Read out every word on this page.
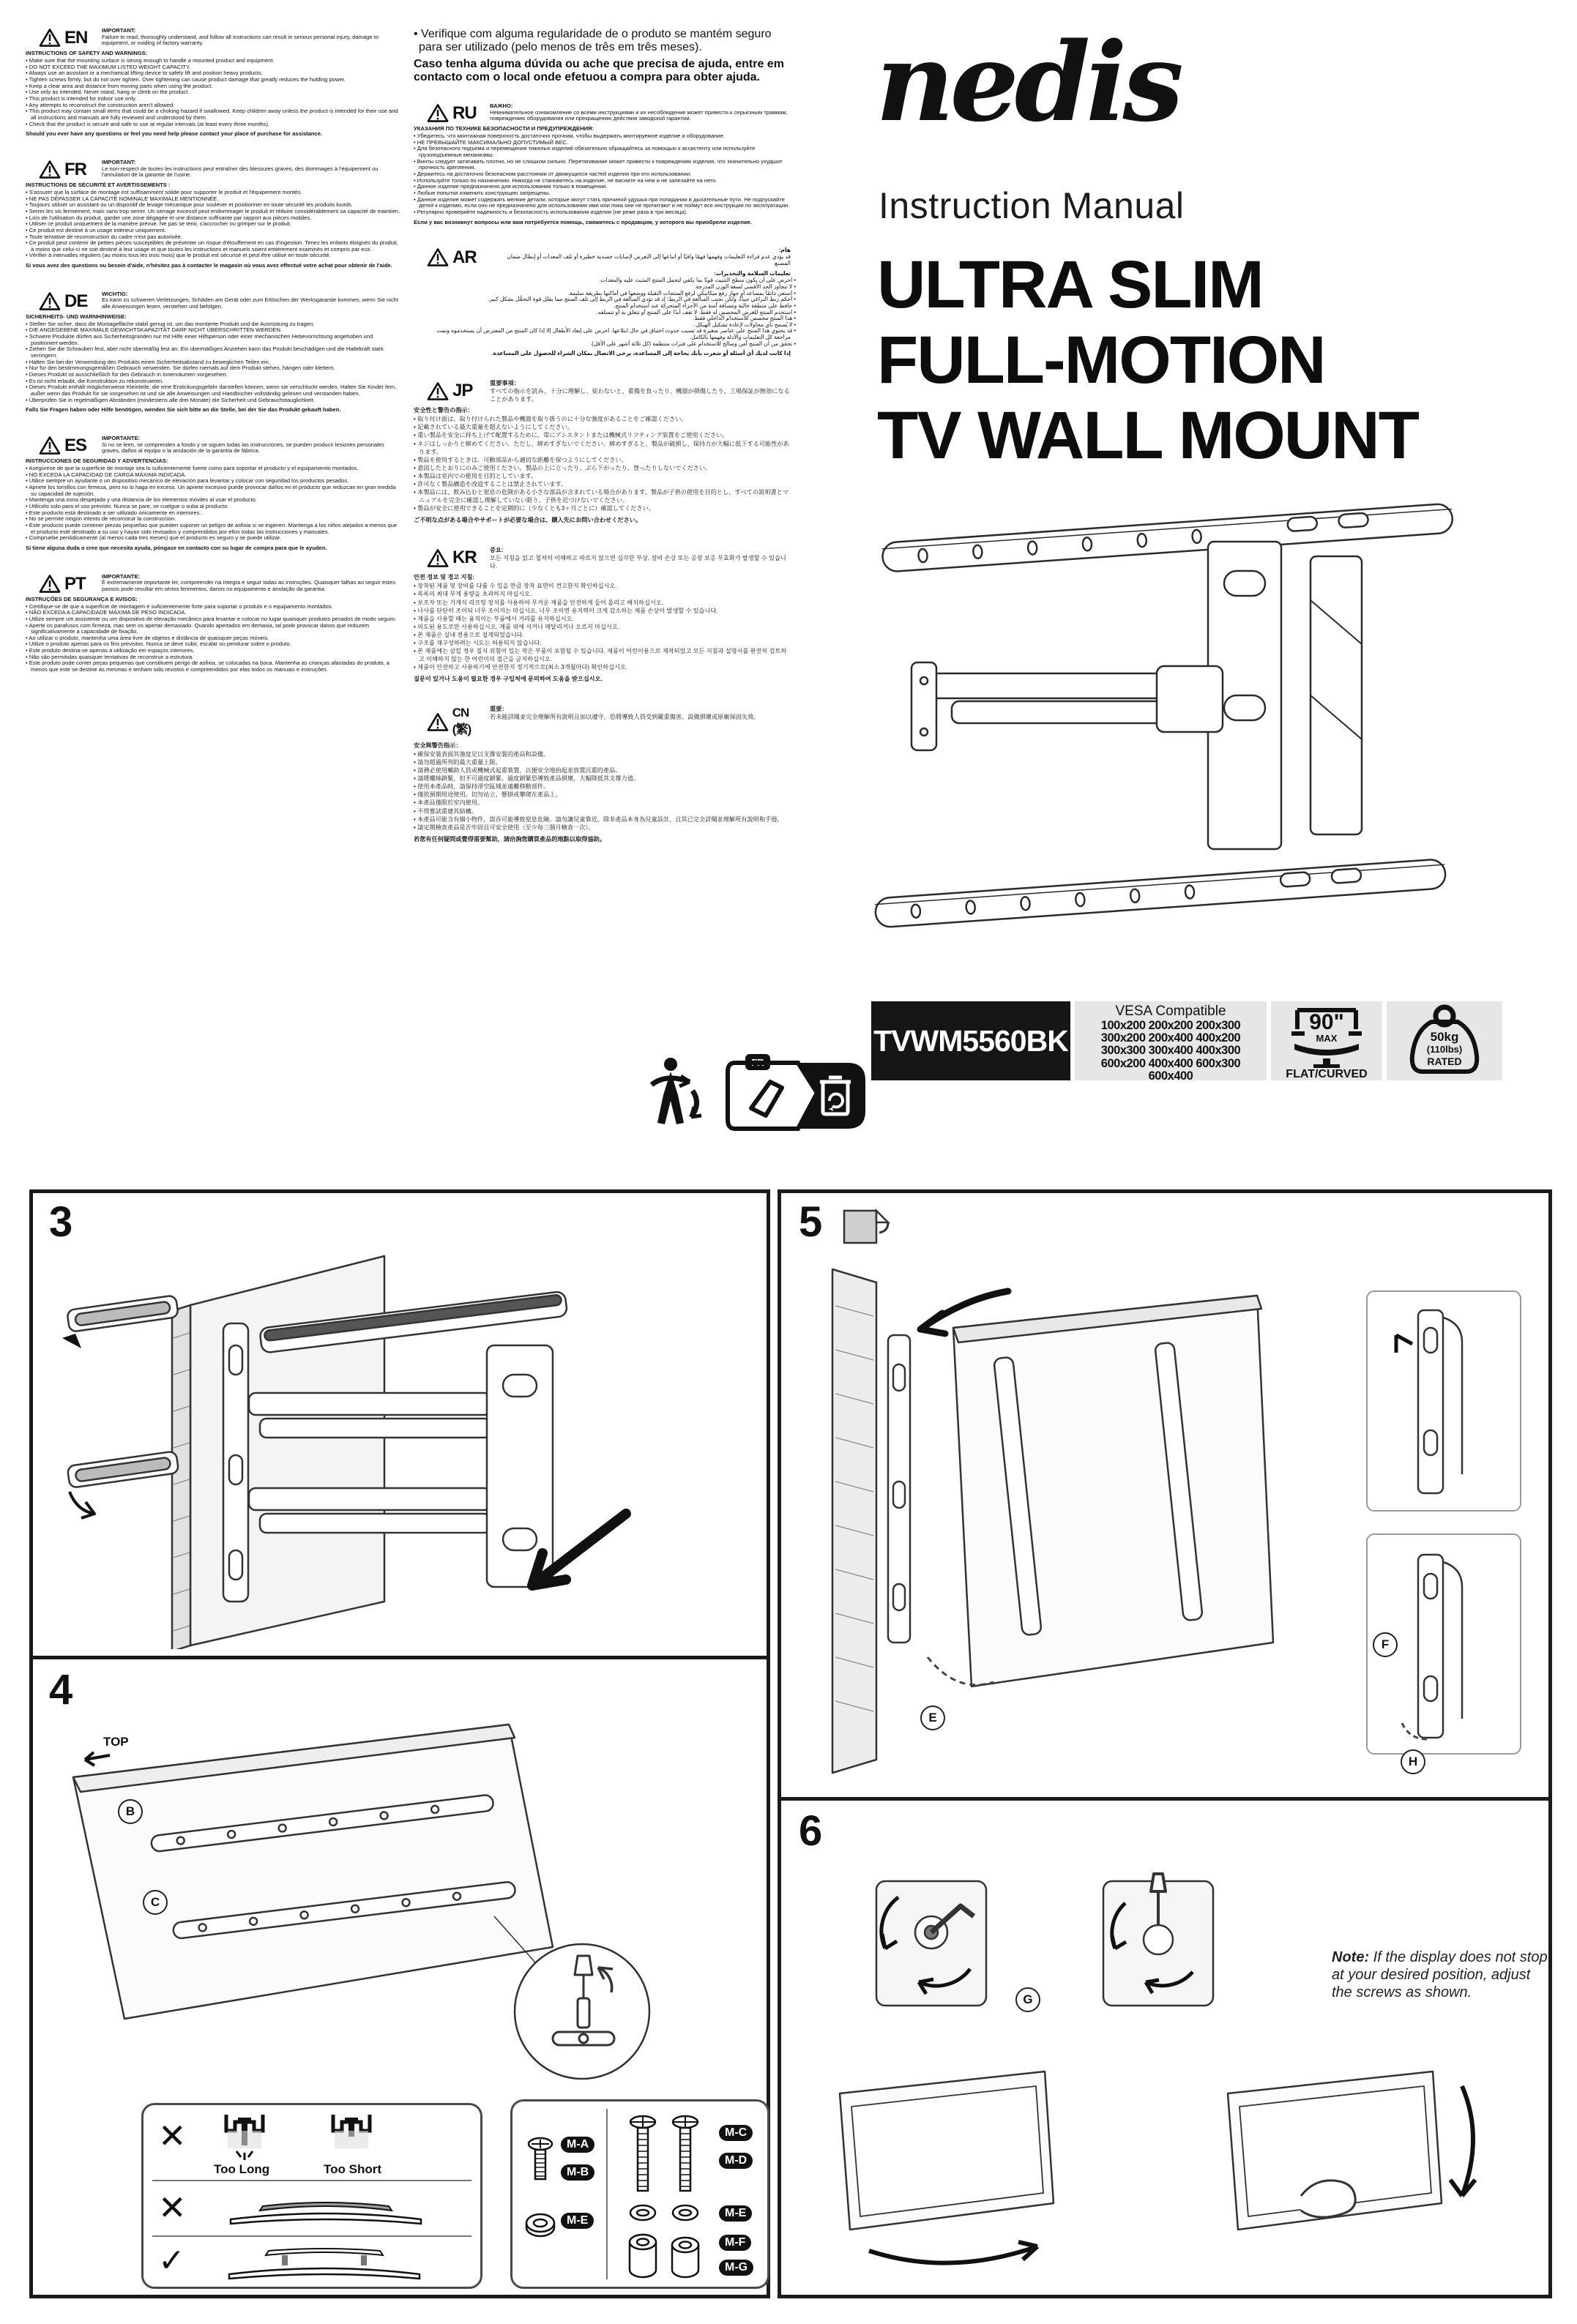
EN	IMPORTANT:
Failure to read, thoroughly understand, and follow all instructions can result in serious personal injury, damage to equipment, or voiding of factory warranty.
INSTRUCTIONS OF SAFETY AND WARNINGS:
• Make sure that the mounting surface is strong enough to handle a mounted product and equipment.
• DO NOT EXCEED THE MAXIMUM LISTED WEIGHT CAPACITY.
• Always use an assistant or a mechanical lifting device to safely lift and position heavy products.
• Tighten screws firmly, but do not over tighten. Over tightening can cause product damage that greatly reduces the holding power.
• Keep a clear area and distance from moving parts when using the product.
• Use only as intended. Never stand, hang or climb on the product.
• This product is intended for indoor use only.
• Any attempts to reconstruct the construction aren't allowed.
• This product may contain small items that could be a choking hazard if swallowed. Keep children away unless the product is intended for their use and all instructions and manuals are fully reviewed and understood by them.
• Check that the product is secure and safe to use at regular intervals (at least every three months).
Should you ever have any questions or feel you need help please contact your place of purchase for assistance.
FR	IMPORTANT:
Le non-respect de toutes les instructions peut entraîner des blessures graves, des dommages à l'équipement ou l'annulation de la garantie de l'usine.
INSTRUCTIONS DE SÉCURITÉ ET AVERTISSEMENTS :
• S'assurer que la surface de montage est suffisamment solide pour supporter le produit et l'équipement montés.
• NE PAS DÉPASSER LA CAPACITÉ NOMINALE MAXIMALE MENTIONNÉE.
• Toujours utiliser un assistant ou un dispositif de levage mécanique pour soulever et positionner en toute sécurité les produits lourds.
• Serrer les vis fermement, mais sans trop serrer. Un serrage excessif peut endommager le produit et réduire considérablement sa capacité de maintien.
• Lors de l'utilisation du produit, garder une zone dégagée et une distance suffisante par rapport aux pièces mobiles.
• Utiliser ce produit uniquement de la manière prévue. Ne pas se tenir, s'accrocher ou grimper sur le produit.
• Ce produit est destiné à un usage intérieur uniquement.
• Toute tentative de reconstruction du cadre n'est pas autorisée.
• Ce produit peut contenir de petites pièces susceptibles de présenter un risque d'étouffement en cas d'ingestion. Tenez les enfants éloignés du produit, à moins que celui-ci ne soit destiné à leur usage et que toutes les instructions et manuels soient entièrement examinés et compris par eux.
• Vérifier à intervalles réguliers (au moins tous les trois mois) que le produit est sécurisé et peut être utilisé en toute sécurité.
Si vous avez des questions ou besoin d'aide, n'hésitez pas à contacter le magasin où vous avez effectué votre achat pour obtenir de l'aide.
DE	WICHTIG:
Es kann zu schweren Verletzungen, Schäden am Gerät oder zum Erlöschen der Werksgarantie kommen, wenn Sie nicht alle Anweisungen lesen, verstehen und befolgen.
SICHERHEITS- UND WARNHINWEISE:
• Stellen Sie sicher, dass die Montagefläche stabil genug ist, um das montierte Produkt und die Ausrüstung zu tragen.
• DIE ANGEGEBENE MAXIMALE GEWICHTSKAPAZITÄT DARF NICHT ÜBERSCHRITTEN WERDEN.
• Schwere Produkte dürfen aus Sicherheitsgründen nur mit Hilfe einer Hilfsperson oder einer mechanischen Hebevorrichtung angehoben und positioniert werden.
• Ziehen Sie die Schrauben fest, aber nicht übermäßig fest an. Ein übermäßiges Anziehen kann das Produkt beschädigen und die Haltekraft stark verringern.
• Halten Sie bei der Verwendung des Produkts einen Sicherheitsabstand zu beweglichen Teilen ein.
• Nur für den bestimmungsgemäßen Gebrauch verwenden. Sie dürfen niemals auf dem Produkt stehen, hängen oder klettern.
• Dieses Produkt ist ausschließlich für den Gebrauch in Innenräumen vorgesehen.
• Es ist nicht erlaubt, die Konstruktion zu rekonstruieren.
• Dieses Produkt enthält möglicherweise Kleinteile, die eine Erstickungsgefahr darstellen können, wenn sie verschluckt werden. Halten Sie Kinder fern, außer wenn das Produkt für sie vorgesehen ist und sie alle Anweisungen und Handbücher vollständig gelesen und verstanden haben.
• Überprüfen Sie in regelmäßigen Abständen (mindestens alle drei Monate) die Sicherheit und Gebrauchstauglichkeit.
Falls Sie Fragen haben oder Hilfe benötigen, wenden Sie sich bitte an die Stelle, bei der Sie das Produkt gekauft haben.
ES	IMPORTANTE:
Si no se leen, se comprenden a fondo y se siguen todas las instrucciones, se pueden producir lesiones personales graves, daños al equipo o la anulación de la garantía de fábrica.
INSTRUCCIONES DE SEGURIDAD Y ADVERTENCIAS:
• Asegúrese de que la superficie de montaje sea lo suficientemente fuerte como para soportar el producto y el equipamiento montados.
• NO EXCEDA LA CAPACIDAD DE CARGA MÁXIMA INDICADA.
• Utilice siempre un ayudante o un dispositivo mecánico de elevación para levantar y colocar con seguridad los productos pesados.
• Apriete los tornillos con firmeza, pero no lo haga en exceso. Un apriete excesivo puede provocar daños en el producto que reduzcan en gran medida su capacidad de sujeción.
• Mantenga una zona despejada y una distancia de los elementos móviles al usar el producto.
• Utilícelo solo para el uso previsto. Nunca se pare, se cuelgue o suba al producto.
• Este producto está destinado a ser utilizado únicamente en interiores.
• No se permite ningún intento de reconstruir la construcción.
• Este producto puede contener piezas pequeñas que pueden suponer un peligro de asfixia si se ingieren. Mantenga a los niños alejados a menos que el producto esté destinado a su uso y hayan sido revisados y comprendidos por ellos todas las instrucciones y manuales.
• Compruebe periódicamente (al menos cada tres meses) que el producto es seguro y se puede utilizar.
Si tiene alguna duda o cree que necesita ayuda, póngase en contacto con su lugar de compra para que le ayuden.
PT	IMPORTANTE:
É extremamente importante ler, compreender na íntegra e seguir todas as instruções. Quaisquer falhas ao seguir estes passos pode resultar em sérios ferimentos, danos no equipamento e anulação da garantia.
INSTRUÇÕES DE SEGURANÇA E AVISOS:
• Certifique-se de que a superfície de montagem é suficientemente forte para suportar o produto e o equipamento montados.
• NÃO EXCEDA A CAPACIDADE MÁXIMA DE PESO INDICADA.
• Utilize sempre um assistente ou um dispositivo de elevação mecânico para levantar e colocar no lugar quaisquer produtos pesados de modo seguro.
• Aperte os parafusos com firmeza, mas sem os apertar demasiado. Quando apertados em demasia, tal pode provocar danos que reduzem significativamente a capacidade de fixação.
• Ao utilizar o produto, mantenha uma área livre de objetos e distância de quaisquer peças móveis.
• Utilize o produto apenas para os fins previstos. Nunca se deve subir, escalar ou pendurar sobre o produto.
• Este produto destina-se apenas a utilização em espaços interiores.
• Não são permitidas quaisquer tentativas de reconstruir a estrutura.
• Este produto pode conter peças pequenas que constituem perigo de asfixia, se colocadas na boca. Mantenha as crianças afastadas do produto, a menos que este se destine às mesmas e tenham sido revistos e compreendidos por elas todos os manuais e instruções.
• Verifique com alguma regularidade de o produto se mantém seguro para ser utilizado (pelo menos de três em três meses).
Caso tenha alguma dúvida ou ache que precisa de ajuda, entre em contacto com o local onde efetuou a compra para obter ajuda.
RU ВАЖНО:
Невнимательное ознакомление со всеми инструкциями и их несоблюдение может привести к серьезным травмам, повреждению оборудования или прекращению действия заводской гарантии.
УКАЗАНИЯ ПО ТЕХНИКЕ БЕЗОПАСНОСТИ И ПРЕДУПРЕЖДЕНИЯ:
• Убедитесь, что монтажная поверхность достаточно прочная, чтобы выдержать монтируемое изделие и оборудование.
• НЕ ПРЕВЫШАЙТЕ МАКСИМАЛЬНО ДОПУСТИМЫЙ ВЕС.
• Для безопасного подъема и перемещения тяжелых изделий обязательно обращайтесь за помощью к ассистенту или используйте грузоподъемные механизмы.
• Винты следует затягивать плотно, но не слишком сильно. Перетягивание может привести к повреждению изделия, что значительно ухудшит прочность крепления.
• Держитесь на достаточно безопасном расстоянии от движущихся частей изделия при его использовании.
• Используйте только по назначению. Никогда не становитесь на изделие, не висните на нем и не залезайте на него.
• Данное изделие предназначено для использования только в помещении.
• Любые попытки изменить конструкцию запрещены.
• Данное изделие может содержать мелкие детали, которые могут стать причиной удушья при попадании в дыхательные пути. Не подпускайте детей к изделию, если оно не предназначено для использования ими или пока они не прочитают и не поймут все инструкции по эксплуатации.
• Регулярно проверяйте надежность и безопасность использования изделия (не реже раза в три месяца).
Если у вас возникнут вопросы или вам потребуется помощь, свяжитесь с продавцом, у которого вы приобрели изделие.
AR	هام:
قد يؤدي عدم قراءة التعليمات وفهمها فهمًا وافيًا أو اتباعها إلى التعرض لإصابات جسدية خطيرة أو تلف المعدات أو إبطال ضمان المصنع.
تعليمات السلامة والتحذيرات:
• احرص على أن يكون سطح التثبيت قويًا بما يكفي لتحمل المنتج المثبت عليه والمعدات.
• لا تتجاوز الحد الأقصى لسعة الوزن المدرجة.
• استعن دائمًا بمساعد أو جهاز رفع ميكانيكي لرفع المنتجات الثقيلة ووضعها في أماكنها بطريقة سليمة.
• أحكم ربط البراغي جيدًا، ولكن تجنب المبالغة في الربط؛ إذ قد تؤدي المبالغة في الربط إلى تلف المنتج مما يقلل قوة التحمُّل بشكل كبير.
• حافظ على منطقة خالية ومسافة آمنة من الأجزاء المتحركة عند استخدام المنتج.
• استخدم المنتج للغرض المخصص له فقط. لا تقف أبدًا على المنتج أو تتعلق به أو تتسلقه.
• هذا المنتج مخصص للاستخدام الداخلي فقط.
• لا يُسمح بأي محاولات لإعادة تشكيل الهيكل.
• قد يحتوي هذا المنتج على عناصر صغيرة قد تسبب حدوث اختناق في حال ابتلاعها. احرص على إبعاد الأطفال إلا إذا كان المنتج من المفترض أن يستخدموه وتمت مراجعة كل التعليمات والأدلة وفهمها بالكامل.
• تحقق من أن المنتج آمن وصالح للاستخدام على فترات منتظمة (كل ثلاثة أشهر على الأقل).
إذا كانت لديك أي أسئلة أو شعرت بأنك بحاجة إلى المساعدة، يرجى الاتصال بمكان الشراء للحصول على المساعدة.
JP	重要事項：
すべての指示を読み、十分に理解し、従わないと、重傷を負ったり、機器が損傷したり、工場保証が無効になることがあります。
安全性と警告の指示：
• 取り付け面は、取り付けられた製品や機器を取り扱うのに十分な強度があることをご確認ください。
• 記載されている最大重量を超えないようにしてください。
• 重い製品を安全に持ち上げて配置するために、常にアシスタントまたは機械式リフティング装置をご使用ください。
• ネジはしっかりと締めてください。ただし、締めすぎないでください。締めすぎると、製品が破損し、保持力が大幅に低下する可能性があります。
• 製品を使用するときは、可動部品から適切な距離を保つようにしてください。
• 意図したとおりにのみご使用ください。製品の上に立ったり、ぶら下がったり、登ったりしないでください。
• 本製品は室内での使用を目的としています。
• 許可なく製品構造を改造することは禁止されています。
• 本製品には、飲み込むと窒息の危険がある小さな部品が含まれている場合があります。製品が子供の使用を目的とし、すべての説明書とマニュアルを完全に確認し理解していない限り、子供を近づけないでください。
• 製品が安全に使用できることを定期的に（少なくとも3ヶ月ごとに）確認してください。
ご不明な点がある場合やサポートが必要な場合は、購入先にお問い合わせください。
KR 중요:
모든 지침을 읽고 철저히 이해하고 따르지 않으면 심각한 부상, 장비 손상 또는 공장 보증 무효화가 발생할 수 있습니다.
안전 정보 및 경고 지침:
• 장착된 제품 및 장비를 다룰 수 있을 만큼 장착 표면이 견고한지 확인하십시오.
• 목록의 최대 무게 용량을 초과하지 마십시오.
• 보조자 또는 기계식 리프팅 장치를 사용하여 무거운 제품을 안전하게 들어 올리고 배치하십시오.
• 나사를 단단히 조이되 너무 조이지는 마십시오. 너무 조이면 유지력이 크게 감소하는 제품 손상이 발생할 수 있습니다.
• 제품을 사용할 때는 움직이는 부품에서 거리를 유지하십시오.
• 의도된 용도로만 사용하십시오. 제품 위에 서거나 매달리거나 오르지 마십시오.
• 본 제품은 실내 전용으로 설계되었습니다.
• 구조를 재구성하려는 시도는 허용되지 않습니다.
• 본 제품에는 삼킬 경우 질식 위험이 있는 작은 부품이 포함될 수 있습니다. 제품이 어린이용으로 제작되었고 모든 지침과 설명서를 완전히 검토하고 이해하지 않는 한 어린이의 접근을 금지하십시오.
• 제품이 안전하고 사용하기에 안전한지 정기적으로(최소 3개월마다) 확인하십시오.
질문이 있거나 도움이 필요한 경우 구입처에 문의하여 도움을 받으십시오.
CN (繁)
重要：
若未能詳閱並完全理解所有說明且加以遵守，恐將導致人員受到嚴重傷害、設備損壞或原廠保固失效。
安全與警告指示：
• 確保安裝表面其強度足以支撐安裝的產品和設備。
• 請勿超過所列的最大重量上限。
• 請務必使用輔助人員或機械式起重裝置，以便安全地抬起並放置沉重的產品。
• 請將螺絲鎖緊，但不可過度鎖緊。過度鎖緊恐導致產品損壞，大幅降低其支撐力道。
• 使用本產品時，請保持淨空區域並遠離移動部件。
• 僅依預期用途使用。切勿站立、懸掛或攀爬在產品上。
• 本產品僅限於室內使用。
• 不得嘗試重建其結構。
• 本產品可能含有細小物件，誤吞可能導致窒息危險。請勿讓兒童靠近，除非產品本身為兒童設計，且其已完全詳閱並理解所有說明和手冊。
• 請定期檢查產品是否牢固且可安全使用（至少每三個月檢查一次）。
若您有任何疑問或覺得需要幫助，請洽詢您購買產品的地點以取得協助。
FR
nedis
Instruction Manual
ULTRA SLIM
FULL-MOTION
TV WALL MOUNT
TVWM5560BK
VESA Compatible
100x200 200x200 200x300
300x200 200x400 400x200
300x300 300x400 400x300
600x200 400x400 600x300
600x400
90"
MAX
FLAT/CURVED
50kg
(110lbs)
RATED
3
4
B
C
TOP
✕
Too Long	Too Short
✕
✓
M-A
M-B
M-E
M-C
M-D
M-E
M-F
M-G
5
6
E
F
H
G
Note: If the display does not stop at your desired position, adjust the screws as shown.
